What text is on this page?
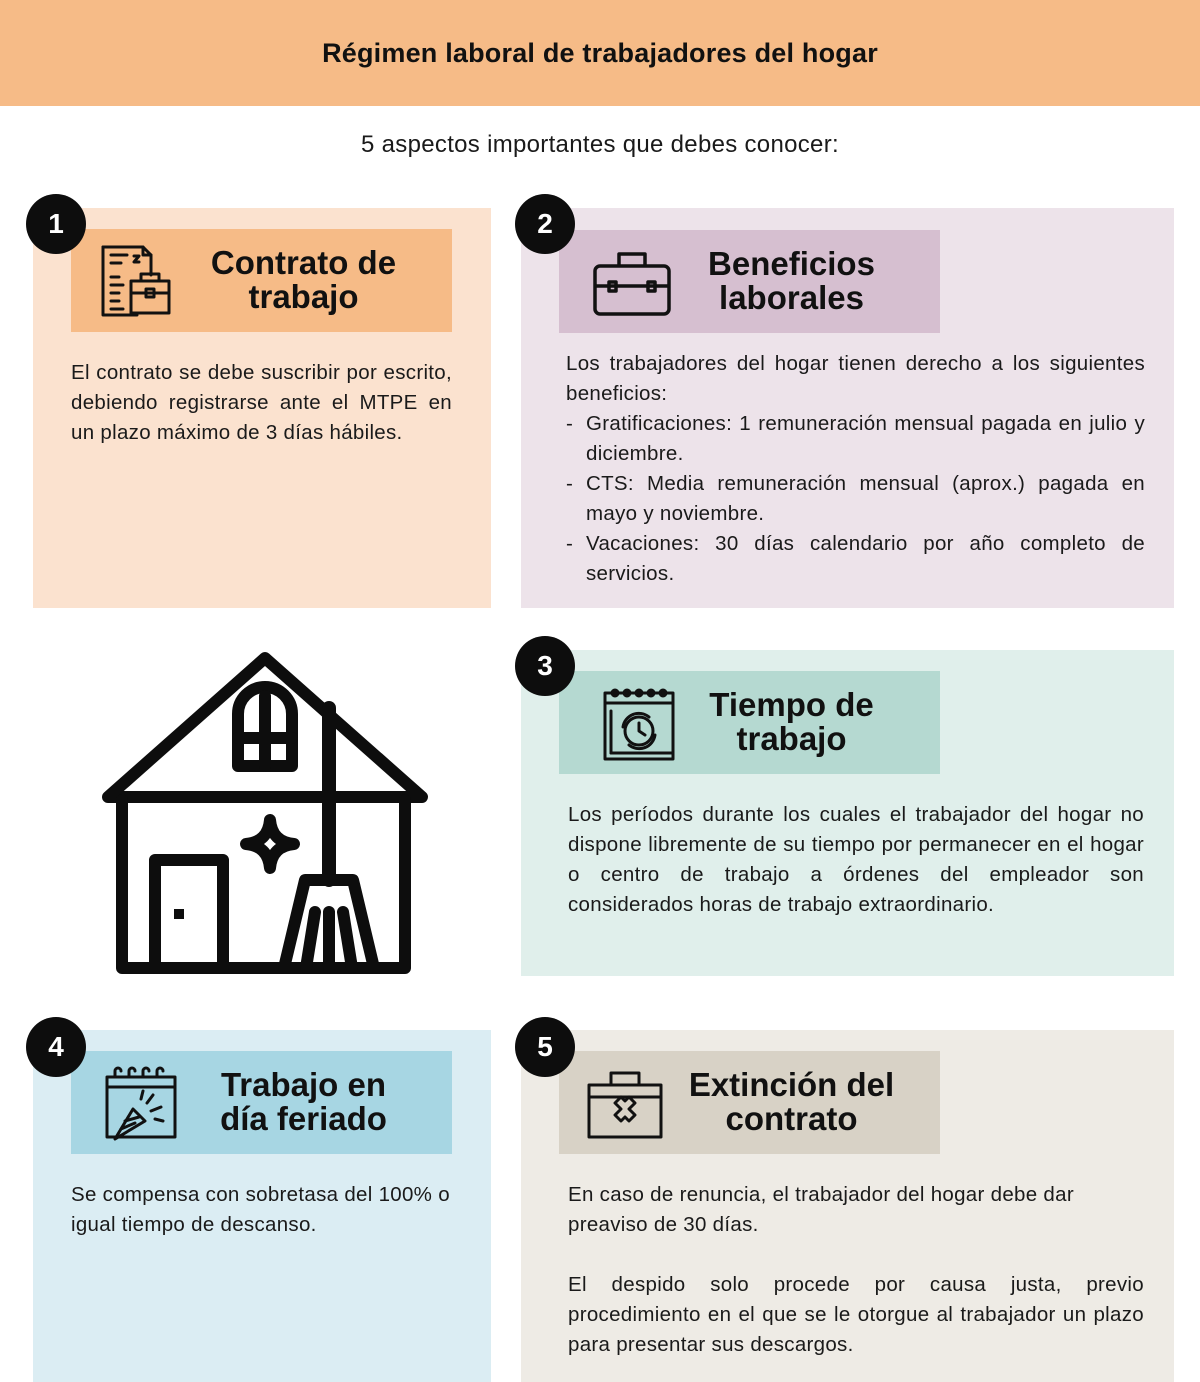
Régimen laboral de trabajadores del hogar
5 aspectos importantes que debes conocer:
Contrato de
trabajo
1
El contrato se debe suscribir por escrito, debiendo registrarse ante el MTPE en un plazo máximo de 3 días hábiles.
Beneficios
laborales
2

Los trabajadores del hogar tienen derecho a los siguientes beneficios:

- Gratificaciones: 1 remuneración mensual pagada en julio y diciembre.
- CTS: Media remuneración mensual (aprox.) pagada en mayo y noviembre.
- Vacaciones: 30 días calendario por año completo de servicios.
Tiempo de
trabajo
3
Los períodos durante los cuales el trabajador del hogar no dispone libremente de su tiempo por permanecer en el hogar o centro de trabajo a órdenes del empleador son considerados horas de trabajo extraordinario.
Trabajo en
día feriado
4
Se compensa con sobretasa del 100% o igual tiempo de descanso.
Extinción del
contrato
5

En caso de renuncia, el trabajador del hogar debe dar preaviso de 30 días.

El despido solo procede por causa justa, previo procedimiento en el que se le otorgue al trabajador un plazo para presentar sus descargos.
